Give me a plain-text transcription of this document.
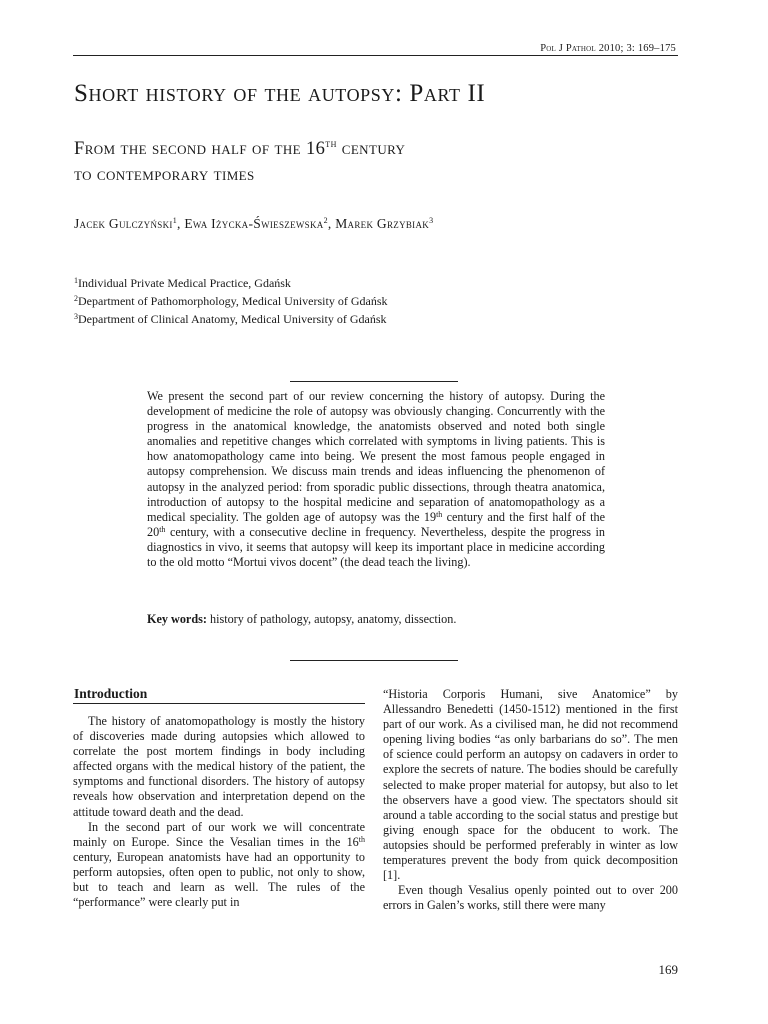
Pol J Pathol 2010; 3: 169–175
Short history of the autopsy: Part II
From the second half of the 16th century
to contemporary times
Jacek Gulczyński$^1$, Ewa Iżycka-Świeszewska$^2$, Marek Grzybiak$^3$
$^1$Individual Private Medical Practice, Gdańsk
$^2$Department of Pathomorphology, Medical University of Gdańsk
$^3$Department of Clinical Anatomy, Medical University of Gdańsk
We present the second part of our review concerning the history of autopsy. During the development of medicine the role of autopsy was obviously changing. Concurrently with the progress in the anatomical knowledge, the anatomists observed and noted both single anomalies and repetitive changes which correlated with symptoms in living patients. This is how anatomopathology came into being. We present the most famous people engaged in autopsy comprehension. We discuss main trends and ideas influencing the phenomenon of autopsy in the analyzed period: from sporadic public dissections, through theatra anatomica, introduction of autopsy to the hospital medicine and separation of anatomopathology as a medical speciality. The golden age of autopsy was the 19th century and the first half of the 20th century, with a consecutive decline in frequency. Nevertheless, despite the progress in diagnostics in vivo, it seems that autopsy will keep its important place in medicine according to the old motto “Mortui vivos docent” (the dead teach the living).
Key words: history of pathology, autopsy, anatomy, dissection.
Introduction

The history of anatomopathology is mostly the history of discoveries made during autopsies which allowed to correlate the post mortem findings in body including affected organs with the medical history of the patient, the symptoms and functional disorders. The history of autopsy reveals how observation and interpretation depend on the attitude toward death and the dead.

In the second part of our work we will concentrate mainly on Europe. Since the Vesalian times in the 16th century, European anatomists have had an opportunity to perform autopsies, often open to public, not only to show, but to teach and learn as well. The rules of the “performance” were clearly put in

“Historia Corporis Humani, sive Anatomice” by Allessandro Benedetti (1450-1512) mentioned in the first part of our work. As a civilised man, he did not recommend opening living bodies “as only barbarians do so”. The men of science could perform an autopsy on cadavers in order to explore the secrets of nature. The bodies should be carefully selected to make proper material for autopsy, but also to let the observers have a good view. The spectators should sit around a table according to the social status and prestige but giving enough space for the obducent to work. The autopsies should be performed preferably in winter as low temperatures prevent the body from quick decomposition [1].

Even though Vesalius openly pointed out to over 200 errors in Galen’s works, still there were many

169
